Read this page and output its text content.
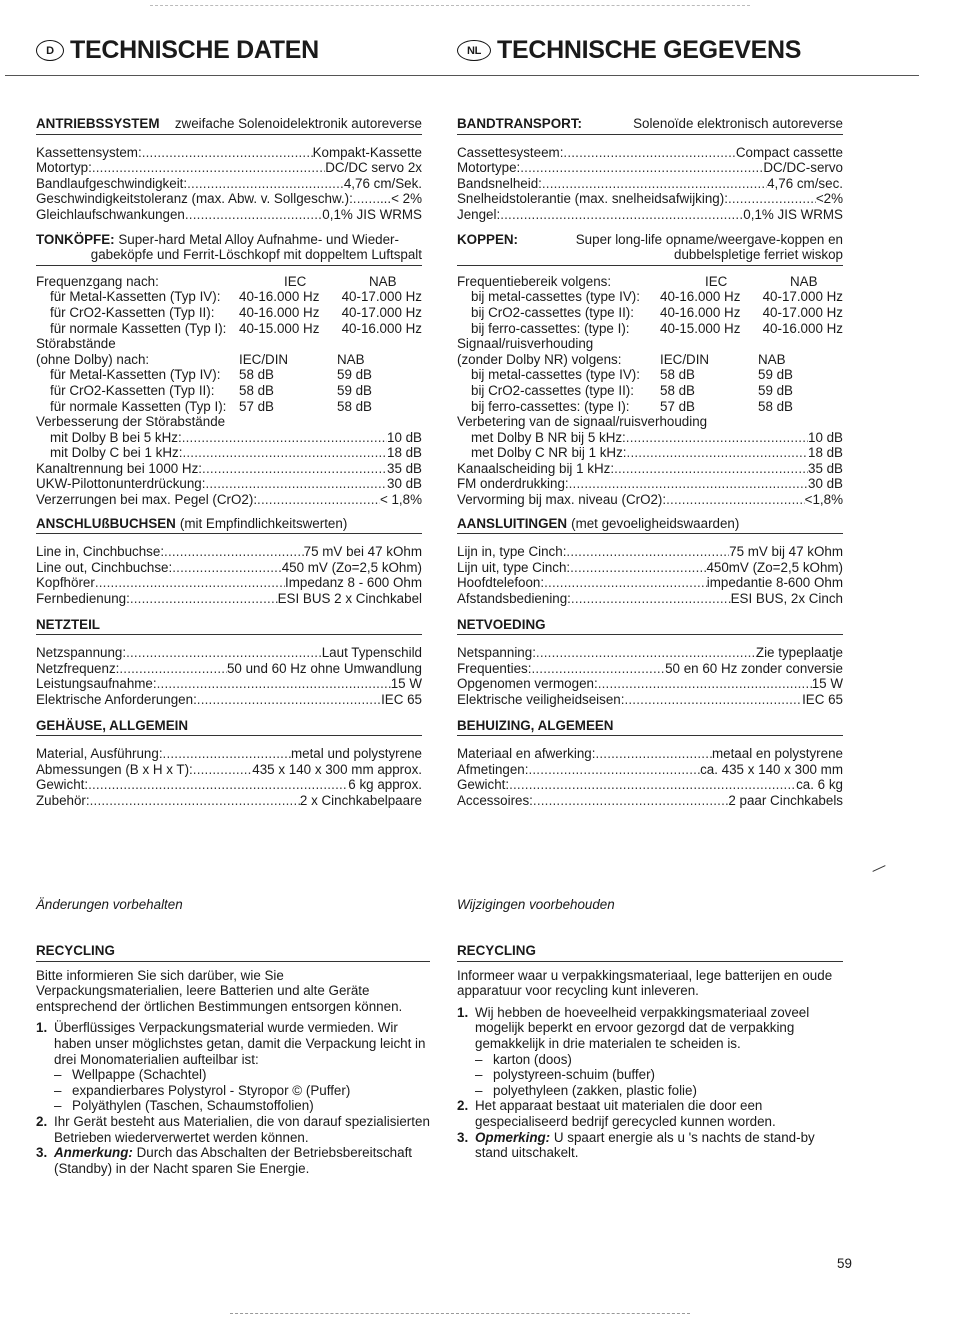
D TECHNISCHE DATEN	NL TECHNISCHE GEGEVENS
ANTRIEBSSYSTEM zweifache Solenoidelektronik autoreverse
Kassettensystem: .....	Kompakt-Kassette
Motortyp: .....	DC/DC servo 2x
Bandlaufgeschwindigkeit: .....	4,76 cm/Sek.
Geschwindigkeitstoleranz (max. Abw. v. Sollgeschw.): ..... ...< 2%
Gleichlaufschwankungen .....	0,1% JIS WRMS
TONKÖPFE: Super-hard Metal Alloy Aufnahme- und Wieder-
gabeköpfe und Ferrit-Löschkopf mit doppeltem Luftspalt
Frequenzgang nach:	IEC	NAB
für Metal-Kassetten (Typ IV):	40-16.000 Hz	40-17.000 Hz
für CrO2-Kassetten (Typ II):	40-16.000 Hz	40-17.000 Hz
für normale Kassetten (Typ I): 40-15.000 Hz	40-16.000 Hz
Störabstände
(ohne Dolby) nach:	IEC/DIN	NAB
für Metal-Kassetten (Typ IV):	58 dB	59 dB
für CrO2-Kassetten (Typ II):	58 dB	59 dB
für normale Kassetten (Typ I): 57 dB	58 dB
Verbesserung der Störabstände
mit Dolby B bei 5 kHz: .....	10 dB
mit Dolby C bei 1 kHz: .....	18 dB
Kanaltrennung bei 1000 Hz: .....	35 dB
UKW-Pilottonunterdrückung: .....	30 dB
Verzerrungen bei max. Pegel (CrO2): .....	< 1,8%
ANSCHLUßBUCHSEN (mit Empfindlichkeitswerten)
Line in, Cinchbuchse: .....	75 mV bei 47 kOhm
Line out, Cinchbuchse: .....	450 mV (Zo=2,5 kOhm)
Kopfhörer .....	Impedanz 8 - 600 Ohm
Fernbedienung: .....	ESI BUS 2 x Cinchkabel
NETZTEIL
Netzspannung: .....	Laut Typenschild
Netzfrequenz: .....	50 und 60 Hz ohne Umwandlung
Leistungsaufnahme: .....	15 W
Elektrische Anforderungen: .....	IEC 65
GEHÄUSE, ALLGEMEIN
Material, Ausführung: .....	metal und polystyrene
Abmessungen (B x H x T): .....	435 x 140 x 300 mm approx.
Gewicht: .....	6 kg approx.
Zubehör: .....	2 x Cinchkabelpaare
BANDTRANSPORT:	Solenoïde elektronisch autoreverse
Cassettesysteem: .....	Compact cassette
Motortype: .....	DC/DC-servo
Bandsnelheid: .....	4,76 cm/sec.
Snelheidstolerantie (max. snelheidsafwijking): .....	<2%
Jengel: .....	0,1% JIS WRMS
KOPPEN:	Super long-life opname/weergave-koppen en
dubbelspletige ferriet wiskop
Frequentiebereik volgens:	IEC	NAB
bij metal-cassettes (type IV):	40-16.000 Hz	40-17.000 Hz
bij CrO2-cassettes (type II):	40-16.000 Hz	40-17.000 Hz
bij ferro-cassettes: (type I):	40-15.000 Hz	40-16.000 Hz
Signaal/ruisverhouding
(zonder Dolby NR) volgens:	IEC/DIN	NAB
bij metal-cassettes (type IV):	58 dB	59 dB
bij CrO2-cassettes (type II):	58 dB	59 dB
bij ferro-cassettes: (type I):	57 dB	58 dB
Verbetering van de signaal/ruisverhouding
met Dolby B NR bij 5 kHz: .....	10 dB
met Dolby C NR bij 1 kHz: .....	18 dB
Kanaalscheiding bij 1 kHz: .....	35 dB
FM onderdrukking: .....	30 dB
Vervorming bij max. niveau (CrO2): .....	<1,8%
AANSLUITINGEN (met gevoeligheidswaarden)
Lijn in, type Cinch: .....	75 mV bij 47 kOhm
Lijn uit, type Cinch: .....	450mV (Zo=2,5 kOhm)
Hoofdtelefoon: .....	impedantie 8-600 Ohm
Afstandsbediening: .....	ESI BUS, 2x Cinch
NETVOEDING
Netspanning: .....	Zie typeplaatje
Frequenties: .....	50 en 60 Hz zonder conversie
Opgenomen vermogen: .....	15 W
Elektrische veiligheidseisen: .....	IEC 65
BEHUIZING, ALGEMEEN
Materiaal en afwerking: .....	metaal en polystyrene
Afmetingen: .....	ca. 435 x 140 x 300 mm
Gewicht: .....	ca. 6 kg
Accessoires: .....	2 paar Cinchkabels
Änderungen vorbehalten	Wijzigingen voorbehouden
RECYCLING

Bitte informieren Sie sich darüber, wie Sie Verpackungsmaterialien, leere Batterien und alte Geräte entsprechend der örtlichen Bestimmungen entsorgen können.

1. Überflüssiges Verpackungsmaterial wurde vermieden. Wir haben unser möglichstes getan, damit die Verpackung leicht in drei Monomaterialien aufteilbar ist:
– Wellpappe (Schachtel)
– expandierbares Polystyrol - Styropor © (Puffer)
– Polyäthylen (Taschen, Schaumstoffolien)
2. Ihr Gerät besteht aus Materialien, die von darauf spezialisierten Betrieben wiederverwertet werden können.
3. Anmerkung: Durch das Abschalten der Betriebsbereitschaft (Standby) in der Nacht sparen Sie Energie.
RECYCLING

Informeer waar u verpakkingsmateriaal, lege batterijen en oude apparatuur voor recycling kunt inleveren.

1. Wij hebben de hoeveelheid verpakkingsmateriaal zoveel mogelijk beperkt en ervoor gezorgd dat de verpakking gemakkelijk in drie materialen te scheiden is.
– karton (doos)
– polystyreen-schuim (buffer)
– polyethyleen (zakken, plastic folie)
2. Het apparaat bestaat uit materialen die door een gespecialiseerd bedrijf gerecycled kunnen worden.
3. Opmerking: U spaart energie als u 's nachts de stand-by stand uitschakelt.
59
